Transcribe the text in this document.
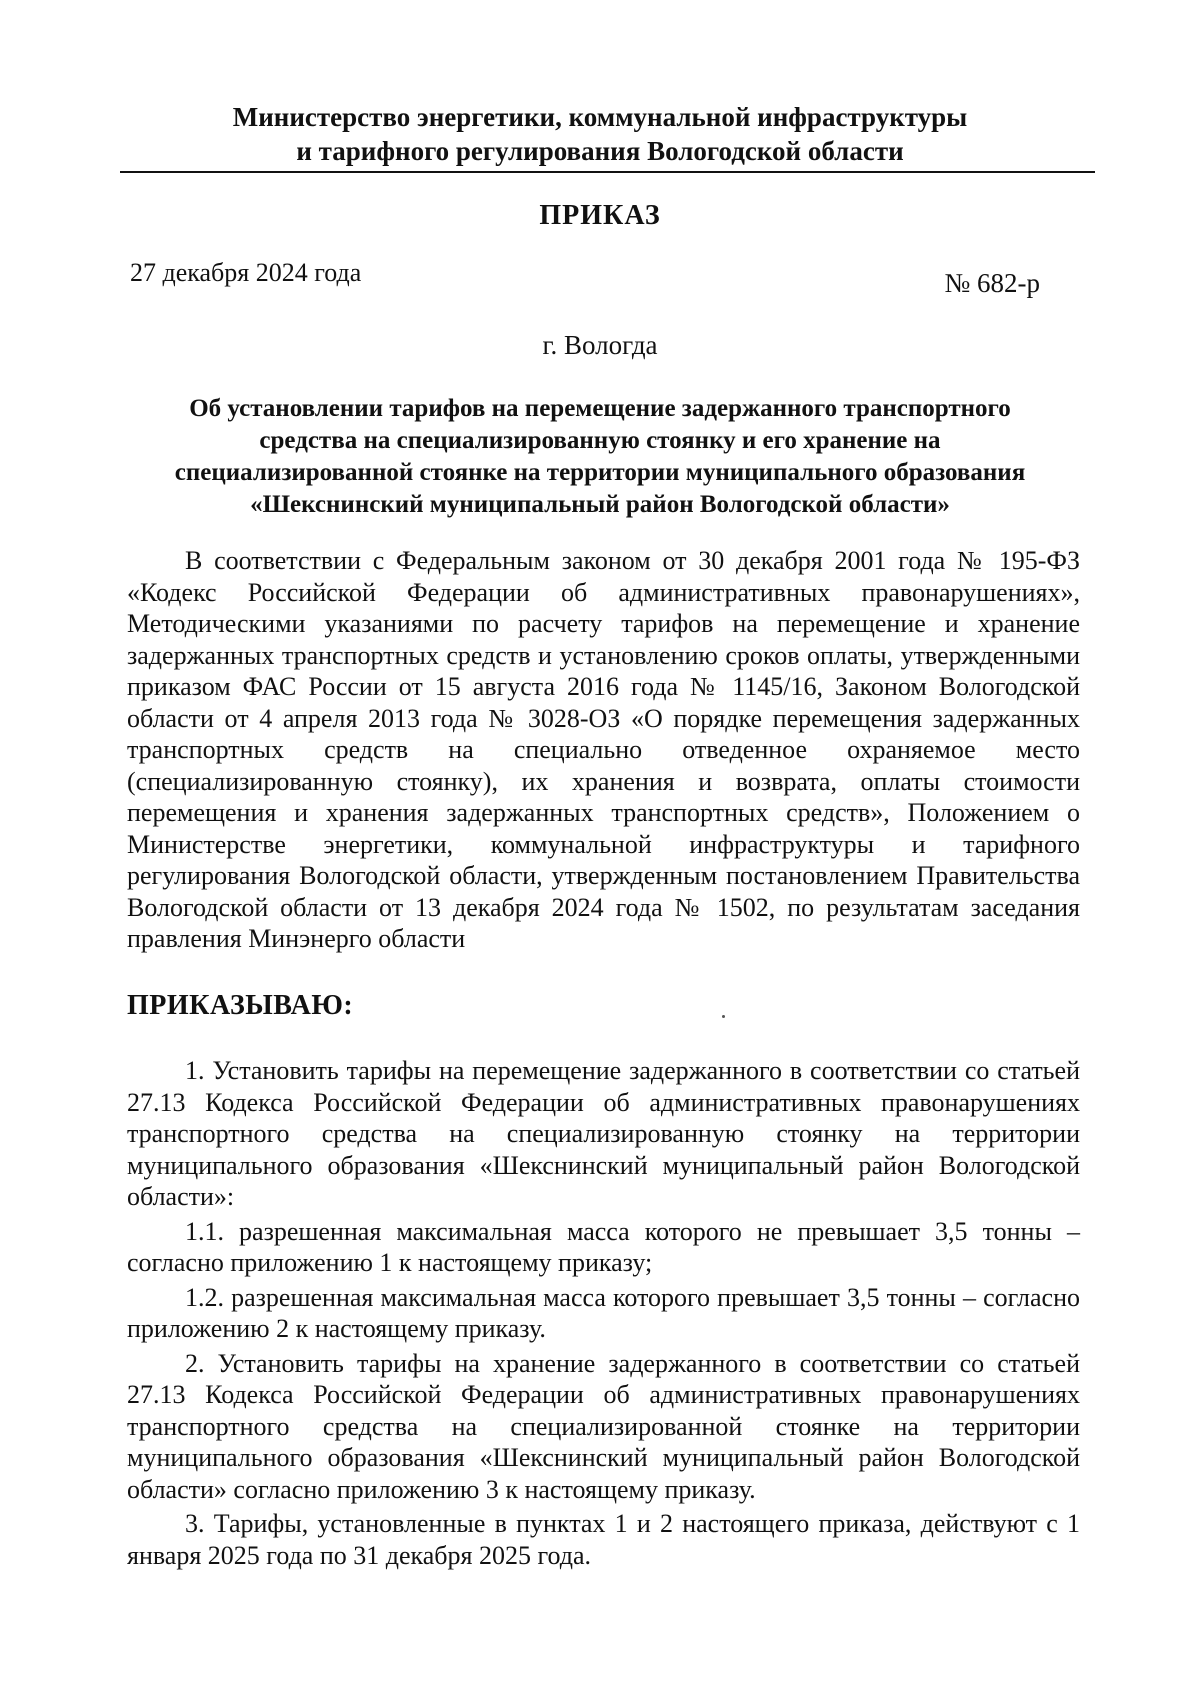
Министерство энергетики, коммунальной инфраструктуры
и тарифного регулирования Вологодской области
ПРИКАЗ
27 декабря 2024 года	№ 682-р
г. Вологда
Об установлении тарифов на перемещение задержанного транспортного
средства на специализированную стоянку и его хранение на
специализированной стоянке на территории муниципального образования
«Шекснинский муниципальный район Вологодской области»

В соответствии с Федеральным законом от 30 декабря 2001 года № 195-ФЗ «Кодекс Российской Федерации об административных правонарушениях», Методическими указаниями по расчету тарифов на перемещение и хранение задержанных транспортных средств и установлению сроков оплаты, утвержденными приказом ФАС России от 15 августа 2016 года № 1145/16, Законом Вологодской области от 4 апреля 2013 года № 3028-ОЗ «О порядке перемещения задержанных транспортных средств на специально отведенное охраняемое место (специализированную стоянку), их хранения и возврата, оплаты стоимости перемещения и хранения задержанных транспортных средств», Положением о Министерстве энергетики, коммунальной инфраструктуры и тарифного регулирования Вологодской области, утвержденным постановлением Правительства Вологодской области от 13 декабря 2024 года № 1502, по результатам заседания правления Минэнерго области

ПРИКАЗЫВАЮ:

1. Установить тарифы на перемещение задержанного в соответствии со статьей 27.13 Кодекса Российской Федерации об административных правонарушениях транспортного средства на специализированную стоянку на территории муниципального образования «Шекснинский муниципальный район Вологодской области»:

1.1. разрешенная максимальная масса которого не превышает 3,5 тонны – согласно приложению 1 к настоящему приказу;

1.2. разрешенная максимальная масса которого превышает 3,5 тонны – согласно приложению 2 к настоящему приказу.

2. Установить тарифы на хранение задержанного в соответствии со статьей 27.13 Кодекса Российской Федерации об административных правонарушениях транспортного средства на специализированной стоянке на территории муниципального образования «Шекснинский муниципальный район Вологодской области» согласно приложению 3 к настоящему приказу.

3. Тарифы, установленные в пунктах 1 и 2 настоящего приказа, действуют с 1 января 2025 года по 31 декабря 2025 года.
